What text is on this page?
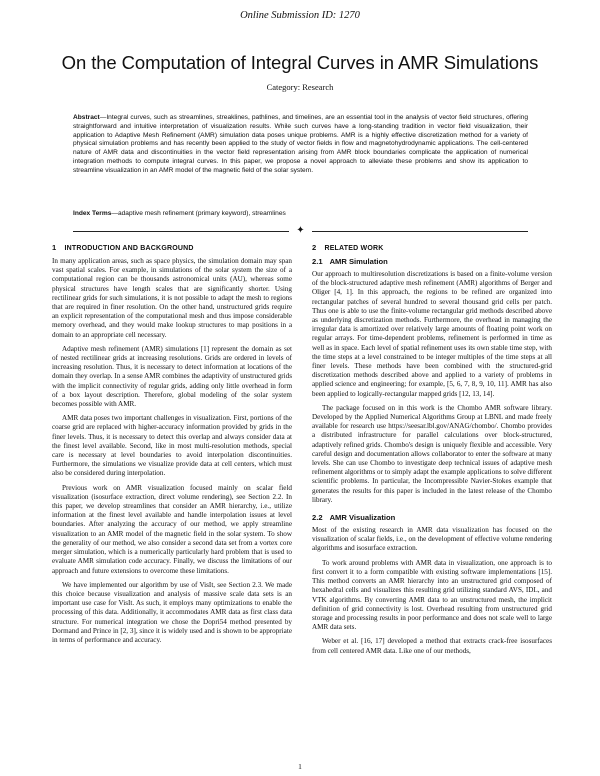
Online Submission ID: 1270
On the Computation of Integral Curves in AMR Simulations
Category: Research
Abstract—Integral curves, such as streamlines, streaklines, pathlines, and timelines, are an essential tool in the analysis of vector field structures, offering straightforward and intuitive interpretation of visualization results. While such curves have a long-standing tradition in vector field visualization, their application to Adaptive Mesh Refinement (AMR) simulation data poses unique problems. AMR is a highly effective discretization method for a variety of physical simulation problems and has recently been applied to the study of vector fields in flow and magnetohydrodynamic applications. The cell-centered nature of AMR data and discontinuities in the vector field representation arising from AMR block boundaries complicate the application of numerical integration methods to compute integral curves. In this paper, we propose a novel approach to alleviate these problems and show its application to streamline visualization in an AMR model of the magnetic field of the solar system.
Index Terms—adaptive mesh refinement (primary keyword), streamlines
✦
1 INTRODUCTION AND BACKGROUND

In many application areas, such as space physics, the simulation domain may span vast spatial scales. For example, in simulations of the solar system the size of a computational region can be thousands astronomical units (AU), whereas some physical structures have length scales that are significantly shorter. Using rectilinear grids for such simulations, it is not possible to adapt the mesh to regions that are required in finer resolution. On the other hand, unstructured grids require an explicit representation of the computational mesh and thus impose considerable memory overhead, and they would make lookup structures to map positions in a domain to an appropriate cell necessary.

Adaptive mesh refinement (AMR) simulations [1] represent the domain as set of nested rectilinear grids at increasing resolutions. Grids are ordered in levels of increasing resolution. Thus, it is necessary to detect information at locations of the domain they overlap. In a sense AMR combines the adaptivity of unstructured grids with the implicit connectivity of regular grids, adding only little overhead in form of a box layout description. Therefore, global modeling of the solar system becomes possible with AMR.

AMR data poses two important challenges in visualization. First, portions of the coarse grid are replaced with higher-accuracy information provided by grids in the finer levels. Thus, it is necessary to detect this overlap and always consider data at the finest level available. Second, like in most multi-resolution methods, special care is necessary at level boundaries to avoid interpolation discontinuities. Furthermore, the simulations we visualize provide data at cell centers, which must also be considered during interpolation.

Previous work on AMR visualization focused mainly on scalar field visualization (isosurface extraction, direct volume rendering), see Section 2.2. In this paper, we develop streamlines that consider an AMR hierarchy, i.e., utilize information at the finest level available and handle interpolation issues at level boundaries. After analyzing the accuracy of our method, we apply streamline visualization to an AMR model of the magnetic field in the solar system. To show the generality of our method, we also consider a second data set from a vortex core merger simulation, which is a numerically particularly hard problem that is used to evaluate AMR simulation code accuracy. Finally, we discuss the limitations of our approach and future extensions to overcome these limitations.

We have implemented our algorithm by use of VisIt, see Section 2.3. We made this choice because visualization and analysis of massive scale data sets is an important use case for VisIt. As such, it employs many optimizations to enable the processing of this data. Additionally, it accommodates AMR data as first class data structure. For numerical integration we chose the Dopri54 method presented by Dormand and Prince in [2, 3], since it is widely used and is shown to be appropriate in terms of performance and accuracy.

2 RELATED WORK
2.1 AMR Simulation

Our approach to multiresolution discretizations is based on a finite-volume version of the block-structured adaptive mesh refinement (AMR) algorithms of Berger and Oliger [4, 1]. In this approach, the regions to be refined are organized into rectangular patches of several hundred to several thousand grid cells per patch. Thus one is able to use the finite-volume rectangular grid methods described above as underlying discretization methods. Furthermore, the overhead in managing the irregular data is amortized over relatively large amounts of floating point work on regular arrays. For time-dependent problems, refinement is performed in time as well as in space. Each level of spatial refinement uses its own stable time step, with the time steps at a level constrained to be integer multiples of the time steps at all finer levels. These methods have been combined with the structured-grid discretization methods described above and applied to a variety of problems in applied science and engineering; for example, [5, 6, 7, 8, 9, 10, 11]. AMR has also been applied to logically-rectangular mapped grids [12, 13, 14].

The package focused on in this work is the Chombo AMR software library. Developed by the Applied Numerical Algorithms Group at LBNL and made freely available for research use https://seesar.lbl.gov/ANAG/chombo/. Chombo provides a distributed infrastructure for parallel calculations over block-structured, adaptively refined grids. Chombo's design is uniquely flexible and accessible. Very careful design and documentation allows collaborator to enter the software at many levels. She can use Chombo to investigate deep technical issues of adaptive mesh refinement algorithms or to simply adapt the example applications to solve different scientific problems. In particular, the Incompressible Navier-Stokes example that generates the results for this paper is included in the latest release of the Chombo library.

2.2 AMR Visualization

Most of the existing research in AMR data visualization has focused on the visualization of scalar fields, i.e., on the development of effective volume rendering algorithms and isosurface extraction.

To work around problems with AMR data in visualization, one approach is to first convert it to a form compatible with existing software implementations [15]. This method converts an AMR hierarchy into an unstructured grid composed of hexahedral cells and visualizes this resulting grid utilizing standard AVS, IDL, and VTK algorithms. By converting AMR data to an unstructured mesh, the implicit definition of grid connectivity is lost. Overhead resulting from unstructured grid storage and processing results in poor performance and does not scale well to large AMR data sets.

Weber et al. [16, 17] developed a method that extracts crack-free isosurfaces from cell centered AMR data. Like one of our methods,

1
